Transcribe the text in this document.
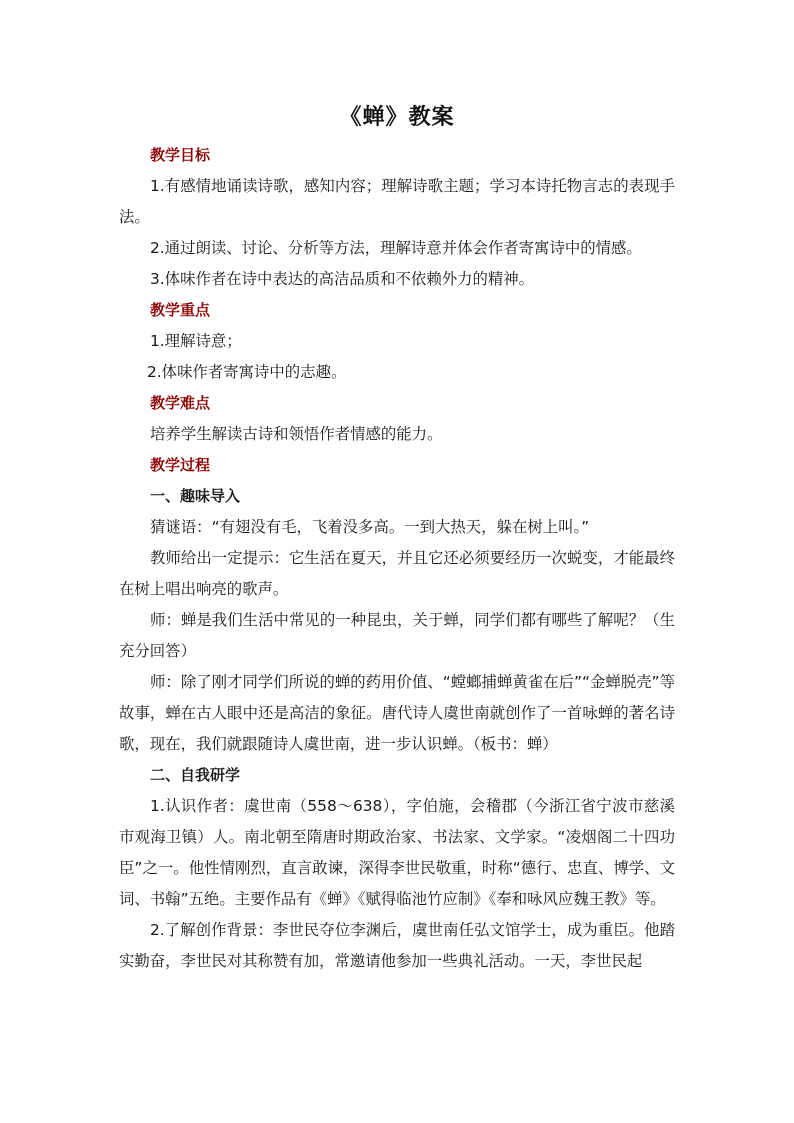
《蝉》教案

教学目标

1.有感情地诵读诗歌，感知内容；理解诗歌主题；学习本诗托物言志的表现手法。

2.通过朗读、讨论、分析等方法，理解诗意并体会作者寄寓诗中的情感。

3.体味作者在诗中表达的高洁品质和不依赖外力的精神。

教学重点

1.理解诗意；

2.体味作者寄寓诗中的志趣。

教学难点

培养学生解读古诗和领悟作者情感的能力。

教学过程

一、趣味导入

猜谜语：“有翅没有毛，飞着没多高。一到大热天，躲在树上叫。”

教师给出一定提示：它生活在夏天，并且它还必须要经历一次蜕变，才能最终在树上唱出响亮的歌声。

师：蝉是我们生活中常见的一种昆虫，关于蝉，同学们都有哪些了解呢？（生充分回答）

师：除了刚才同学们所说的蝉的药用价值、“螳螂捕蝉黄雀在后”“金蝉脱壳”等故事，蝉在古人眼中还是高洁的象征。唐代诗人虞世南就创作了一首咏蝉的著名诗歌，现在，我们就跟随诗人虞世南，进一步认识蝉。（板书：蝉）

二、自我研学

1.认识作者：虞世南（558～638），字伯施，会稽郡（今浙江省宁波市慈溪市观海卫镇）人。南北朝至隋唐时期政治家、书法家、文学家。“凌烟阁二十四功臣”之一。他性情刚烈，直言敢谏，深得李世民敬重，时称“德行、忠直、博学、文词、书翰”五绝。主要作品有《蝉》《赋得临池竹应制》《奉和咏风应魏王教》等。

2.了解创作背景：李世民夺位李渊后，虞世南任弘文馆学士，成为重臣。他踏实勤奋，李世民对其称赞有加，常邀请他参加一些典礼活动。一天，李世民起
